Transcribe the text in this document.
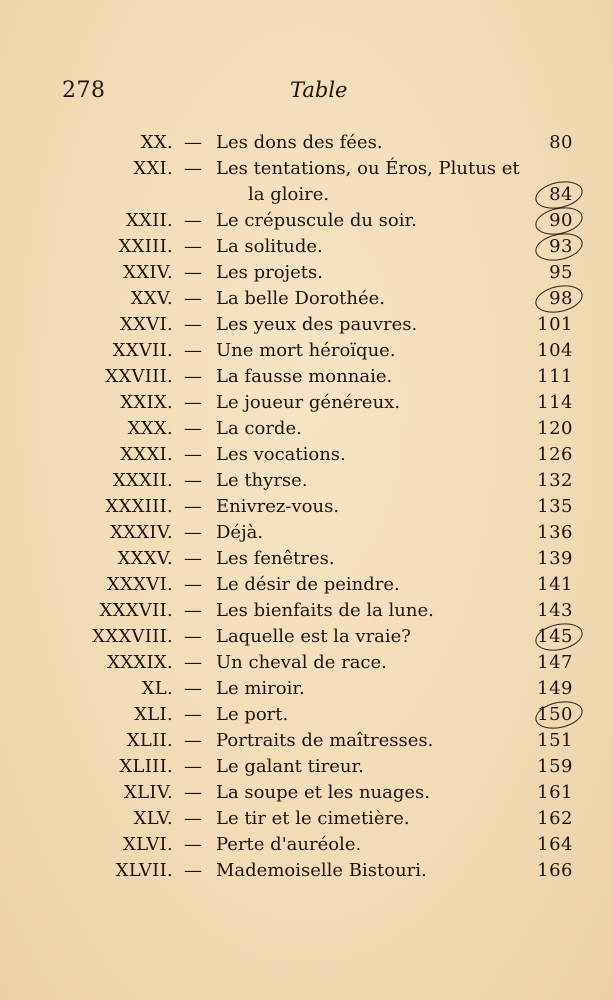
278	Table
XX. — Les dons des fées.	80
XXI. — Les tentations, ou Éros, Plutus et
la gloire.	84
XXII. — Le crépuscule du soir.	90
XXIII. — La solitude.	93
XXIV. — Les projets.	95
XXV. — La belle Dorothée.	98
XXVI. — Les yeux des pauvres.	101
XXVII. — Une mort héroïque.	104
XXVIII. — La fausse monnaie.	111
XXIX. — Le joueur généreux.	114
XXX. — La corde.	120
XXXI. — Les vocations.	126
XXXII. — Le thyrse.	132
XXXIII. — Enivrez-vous.	135
XXXIV. — Déjà.	136
XXXV. — Les fenêtres.	139
XXXVI. — Le désir de peindre.	141
XXXVII. — Les bienfaits de la lune.	143
XXXVIII. — Laquelle est la vraie?	145
XXXIX. — Un cheval de race.	147
XL. — Le miroir.	149
XLI. — Le port.	150
XLII. — Portraits de maîtresses.	151
XLIII. — Le galant tireur.	159
XLIV. — La soupe et les nuages.	161
XLV. — Le tir et le cimetière.	162
XLVI. — Perte d'auréole.	164
XLVII. — Mademoiselle Bistouri.	166
